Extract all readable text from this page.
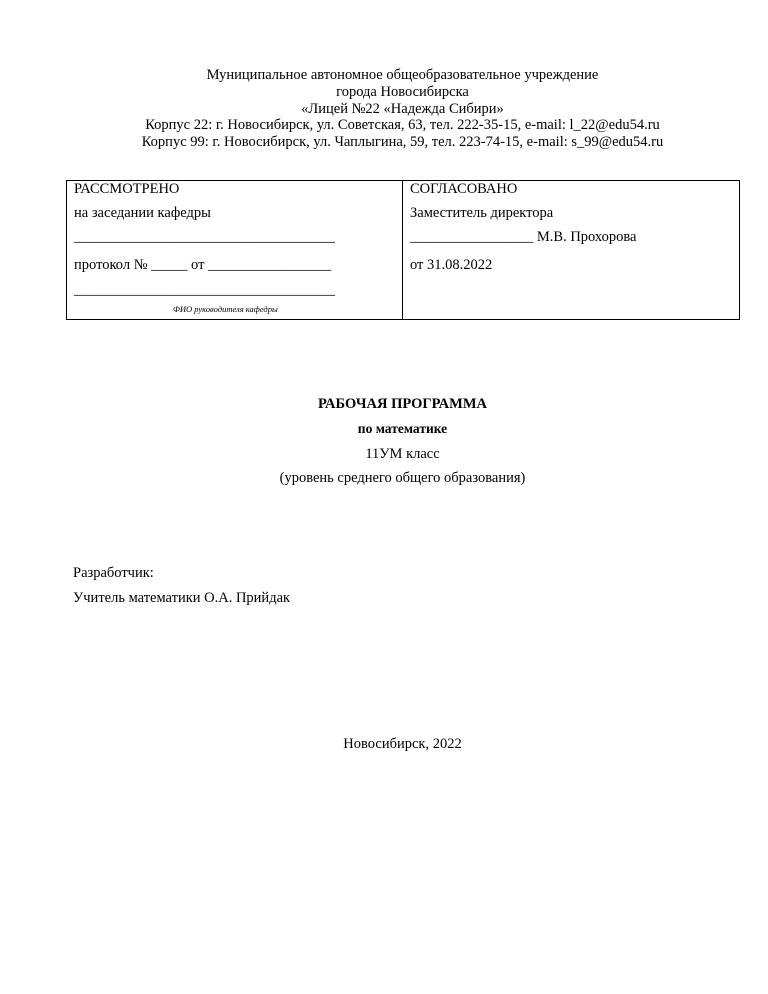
Муниципальное автономное общеобразовательное учреждение
города Новосибирска
«Лицей №22 «Надежда Сибири»
Корпус 22: г. Новосибирск, ул. Советская, 63, тел. 222-35-15, e-mail: l_22@edu54.ru
Корпус 99: г. Новосибирск, ул. Чаплыгина, 59, тел. 223-74-15, e-mail: s_99@edu54.ru
РАССМОТРЕНО
на заседании кафедры
____________________________________
протокол № _____ от _________________
____________________________________
ФИО руководителя кафедры
СОГЛАСОВАНО
Заместитель директора
_________________ М.В. Прохорова
от 31.08.2022
РАБОЧАЯ ПРОГРАММА
по математике
11УМ класс
(уровень среднего общего образования)
Разработчик:
Учитель математики О.А. Прийдак
Новосибирск, 2022
